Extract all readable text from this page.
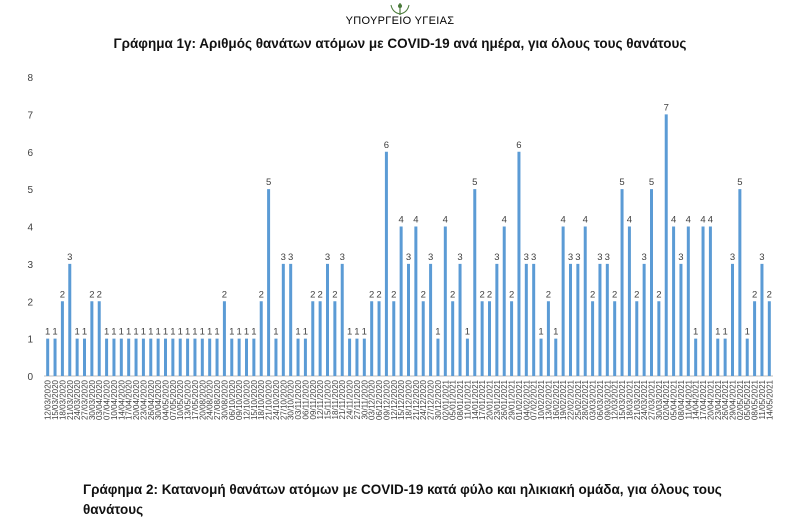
ΥΠΟΥΡΓΕΙΟ ΥΓΕΙΑΣ
Γράφημα 1γ: Αριθμός θανάτων ατόμων με COVID-19 ανά ημέρα, για όλους τους θανάτους
0
1
2
3
4
5
6
7
8
1 1
2
3
1 1
2 2
1 1 1 1 1 1 1 1 1 1 1 1 1 1 1 1
2
1 1 1 1
2
5
1
3 3
1 1
2 2
3
2
3
1 1 1
2 2
6
2
4
3
4
2
3
1
4
2
3
1
5
2 2
3
4
2
6
3 3
1
2
1
4
3 3
4
2
3 3
2
5
4
2
3
5
2
7
4
3
4
1
4 4
1 1
3
5
1
2
3
2
12/03/2020
15/03/2020
18/03/2020
21/03/2020
24/03/2020
27/03/2020
30/03/2020
03/04/2020
07/04/2020
10/04/2020
14/04/2020
17/04/2020
20/04/2020
23/04/2020
26/04/2020
30/04/2020
04/05/2020
07/05/2020
10/05/2020
13/05/2020
17/05/2020
20/08/2020
24/08/2020
27/08/2020
30/08/2020
06/10/2020
09/10/2020
12/10/2020
15/10/2020
18/10/2020
21/10/2020
24/10/2020
27/10/2020
30/10/2020
03/11/2020
06/11/2020
09/11/2020
12/11/2020
15/11/2020
18/11/2020
21/11/2020
24/11/2020
27/11/2020
30/11/2020
03/12/2020
06/12/2020
09/12/2020
12/12/2020
15/12/2020
18/12/2020
21/12/2020
24/12/2020
27/12/2020
30/12/2020
02/01/2021
05/01/2021
08/01/2021
11/01/2021
14/01/2021
17/01/2021
20/01/2021
23/01/2021
26/01/2021
29/01/2021
01/02/2021
04/02/2021
07/02/2021
10/02/2021
13/02/2021
16/02/2021
19/02/2021
22/02/2021
25/02/2021
28/02/2021
03/03/2021
06/03/2021
09/03/2021
12/03/2021
15/03/2021
18/03/2021
21/03/2021
24/03/2021
27/03/2021
30/03/2021
02/04/2021
05/04/2021
08/04/2021
11/04/2021
14/04/2021
17/04/2021
20/04/2021
23/04/2021
26/04/2021
29/04/2021
02/05/2021
05/05/2021
08/05/2021
11/05/2021
14/05/2021
Γράφημα 2: Κατανομή θανάτων ατόμων με COVID-19 κατά φύλο και ηλικιακή ομάδα, για όλους τους θανάτους
